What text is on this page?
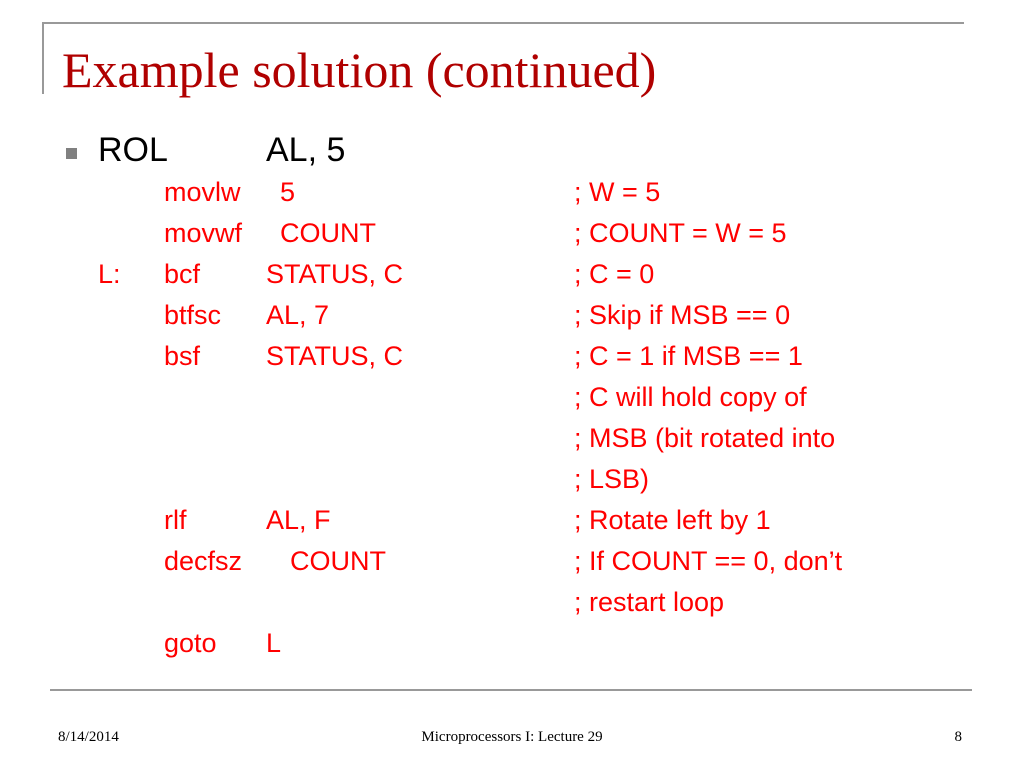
Example solution (continued)
ROL	AL, 5
movlw 5	; W = 5
movwf COUNT	; COUNT = W = 5
L: bcf STATUS, C	; C = 0
btfsc AL, 7	; Skip if MSB == 0
bsf STATUS, C	; C = 1 if MSB == 1
; C will hold copy of
; MSB (bit rotated into
; LSB)
rlf	AL, F	; Rotate left by 1
decfsz COUNT	; If COUNT == 0, don’t
; restart loop
goto L
8/14/2014	Microprocessors I: Lecture 29	8
